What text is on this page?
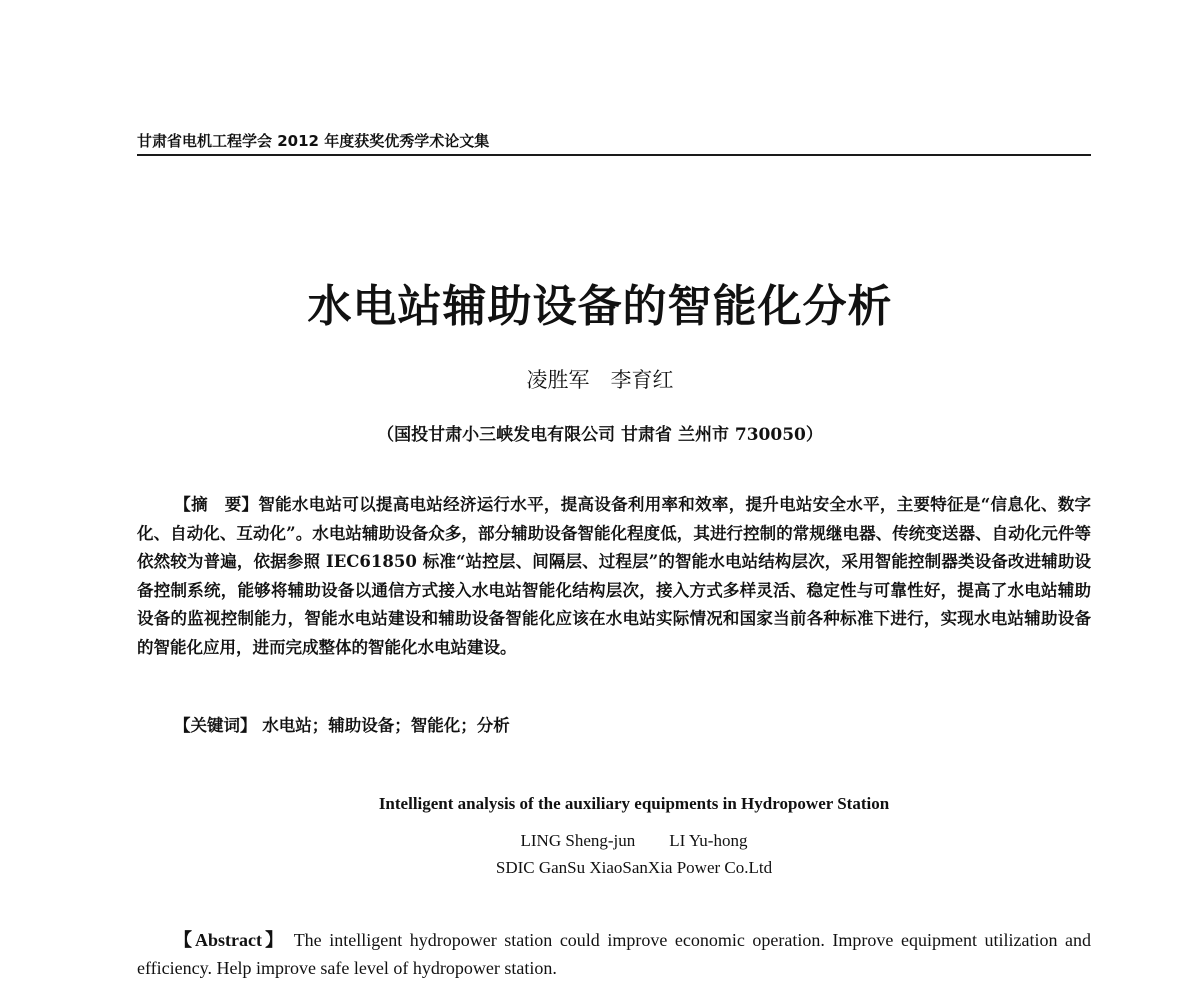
甘肃省电机工程学会 2012 年度获奖优秀学术论文集
水电站辅助设备的智能化分析
凌胜军　李育红
（国投甘肃小三峡发电有限公司 甘肃省 兰州市 730050）

【摘　要】智能水电站可以提高电站经济运行水平，提高设备利用率和效率，提升电站安全水平，主要特征是“信息化、数字化、自动化、互动化”。水电站辅助设备众多，部分辅助设备智能化程度低，其进行控制的常规继电器、传统变送器、自动化元件等依然较为普遍，依据参照 IEC61850 标准“站控层、间隔层、过程层”的智能水电站结构层次，采用智能控制器类设备改进辅助设备控制系统，能够将辅助设备以通信方式接入水电站智能化结构层次，接入方式多样灵活、稳定性与可靠性好，提高了水电站辅助设备的监视控制能力，智能水电站建设和辅助设备智能化应该在水电站实际情况和国家当前各种标准下进行，实现水电站辅助设备的智能化应用，进而完成整体的智能化水电站建设。

【关键词】 水电站；辅助设备；智能化；分析
Intelligent analysis of the auxiliary equipments in Hydropower Station
LING Sheng-jun　　LI Yu-hong
SDIC GanSu XiaoSanXia Power Co.Ltd
【Abstract】 The intelligent hydropower station could improve economic operation. Improve equipment utilization and efficiency. Help improve safe level of hydropower station.
